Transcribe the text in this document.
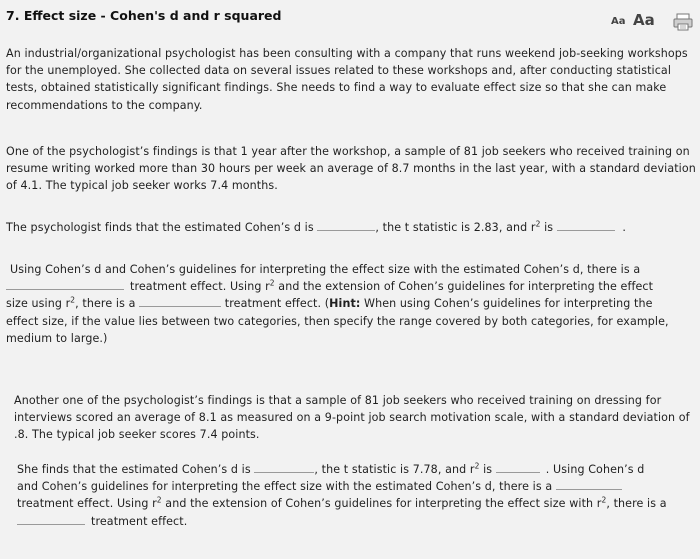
7. Effect size - Cohen's d and r squared	Aa Aa

An industrial/organizational psychologist has been consulting with a company that runs weekend job-seeking workshops for the unemployed. She collected data on several issues related to these workshops and, after conducting statistical tests, obtained statistically significant findings. She needs to find a way to evaluate effect size so that she can make recommendations to the company.

One of the psychologist’s findings is that 1 year after the workshop, a sample of 81 job seekers who received training on resume writing worked more than 30 hours per week an average of 8.7 months in the last year, with a standard deviation of 4.1. The typical job seeker works 7.4 months.

The psychologist finds that the estimated Cohen’s d is	, the t statistic is 2.83, and $r^2$ is	.
Using Cohen’s d and Cohen’s guidelines for interpreting the effect size with the estimated Cohen’s d, there is a
treatment effect. Using $r^2$ and the extension of Cohen’s guidelines for interpreting the effect
size using $r^2$, there is a	treatment effect. (Hint: When using Cohen’s guidelines for interpreting the
effect size, if the value lies between two categories, then specify the range covered by both categories, for example,
medium to large.)

Another one of the psychologist’s findings is that a sample of 81 job seekers who received training on dressing for interviews scored an average of 8.1 as measured on a 9-point job search motivation scale, with a standard deviation of .8. The typical job seeker scores 7.4 points.

She finds that the estimated Cohen’s d is	, the t statistic is 7.78, and $r^2$ is	. Using Cohen’s d
and Cohen’s guidelines for interpreting the effect size with the estimated Cohen’s d, there is a
treatment effect. Using $r^2$ and the extension of Cohen’s guidelines for interpreting the effect size with $r^2$, there is a
treatment effect.
